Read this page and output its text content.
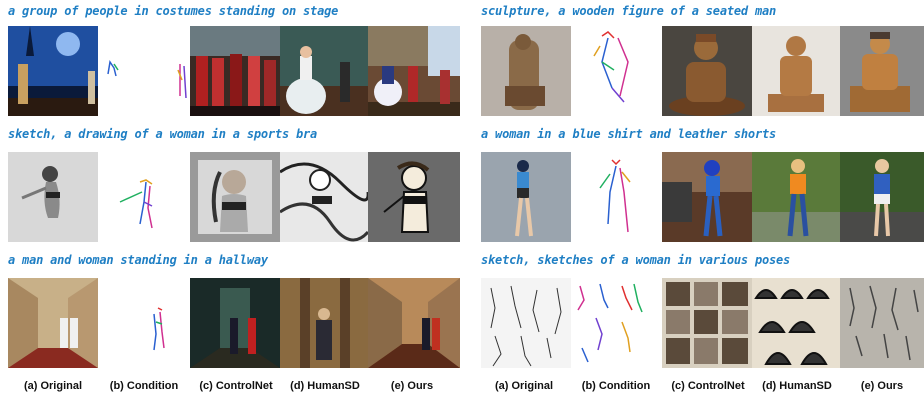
a group of people in costumes standing on stage	sculpture, a wooden figure of a seated man
sketch, a drawing of a woman in a sports bra	a woman in a blue shirt and leather shorts
a man and woman standing in a hallway	sketch, sketches of a woman in various poses
(a) Original	(b) Condition	(c) ControlNet	(d) HumanSD	(e) Ours	(a) Original	(b) Condition	(c) ControlNet	(d) HumanSD	(e) Ours
